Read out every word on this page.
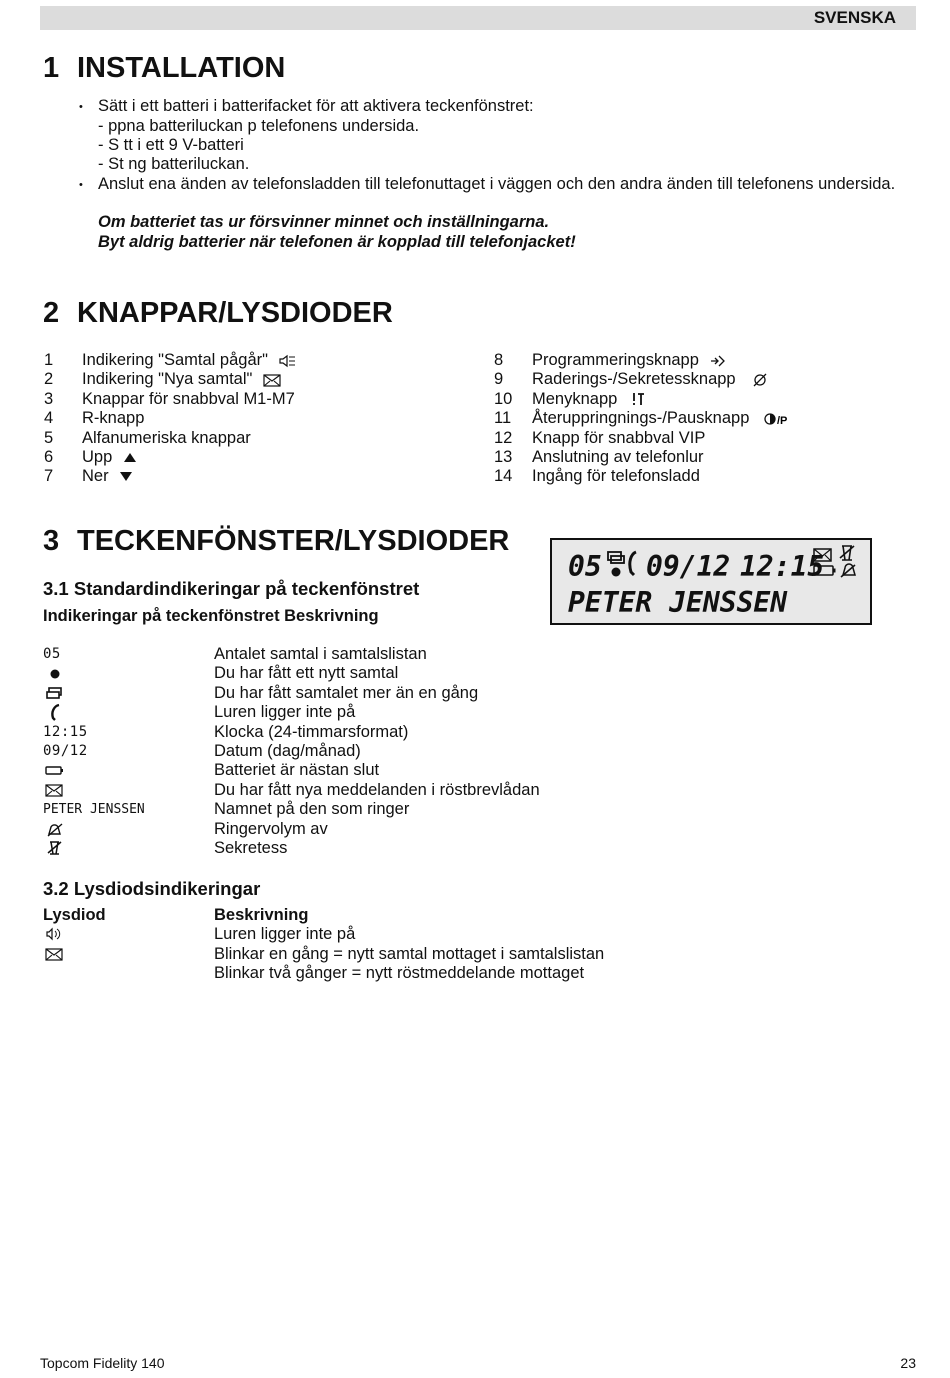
SVENSKA
1 INSTALLATION
• Sätt i ett batteri i batterifacket för att aktivera teckenfönstret:
- ppna batteriluckan p telefonens undersida.
- S tt i ett 9 V-batteri
- St ng batteriluckan.
• Anslut ena änden av telefonsladden till telefonuttaget i väggen och den andra änden till telefonens undersida.
Om batteriet tas ur försvinner minnet och inställningarna.
Byt aldrig batterier när telefonen är kopplad till telefonjacket!
2 KNAPPAR/LYSDIODER
1	Indikering "Samtal pågår"
2	Indikering "Nya samtal"
3	Knappar för snabbval M1-M7
4	R-knapp
5	Alfanumeriska knappar
6	Upp
7	Ner
8	Programmeringsknapp
9	Raderings-/Sekretessknapp
10	Menyknapp
11	Återuppringnings-/Pausknapp	/P
12	Knapp för snabbval VIP
13	Anslutning av telefonlur
14	Ingång för telefonsladd
3 TECKENFÖNSTER/LYSDIODER
3.1 Standardindikeringar på teckenfönstret
Indikeringar på teckenfönstret Beskrivning
05 09/12 12:15
PETER JENSSEN
05	Antalet samtal i samtalslistan
Du har fått ett nytt samtal
Du har fått samtalet mer än en gång
Luren ligger inte på
12:15	Klocka (24-timmarsformat)
09/12	Datum (dag/månad)
Batteriet är nästan slut
Du har fått nya meddelanden i röstbrevlådan
PETER JENSSEN	Namnet på den som ringer
Ringervolym av
Sekretess
3.2 Lysdiodsindikeringar
Lysdiod	Beskrivning
Luren ligger inte på
Blinkar en gång = nytt samtal mottaget i samtalslistan
Blinkar två gånger = nytt röstmeddelande mottaget
Topcom Fidelity 140	23
